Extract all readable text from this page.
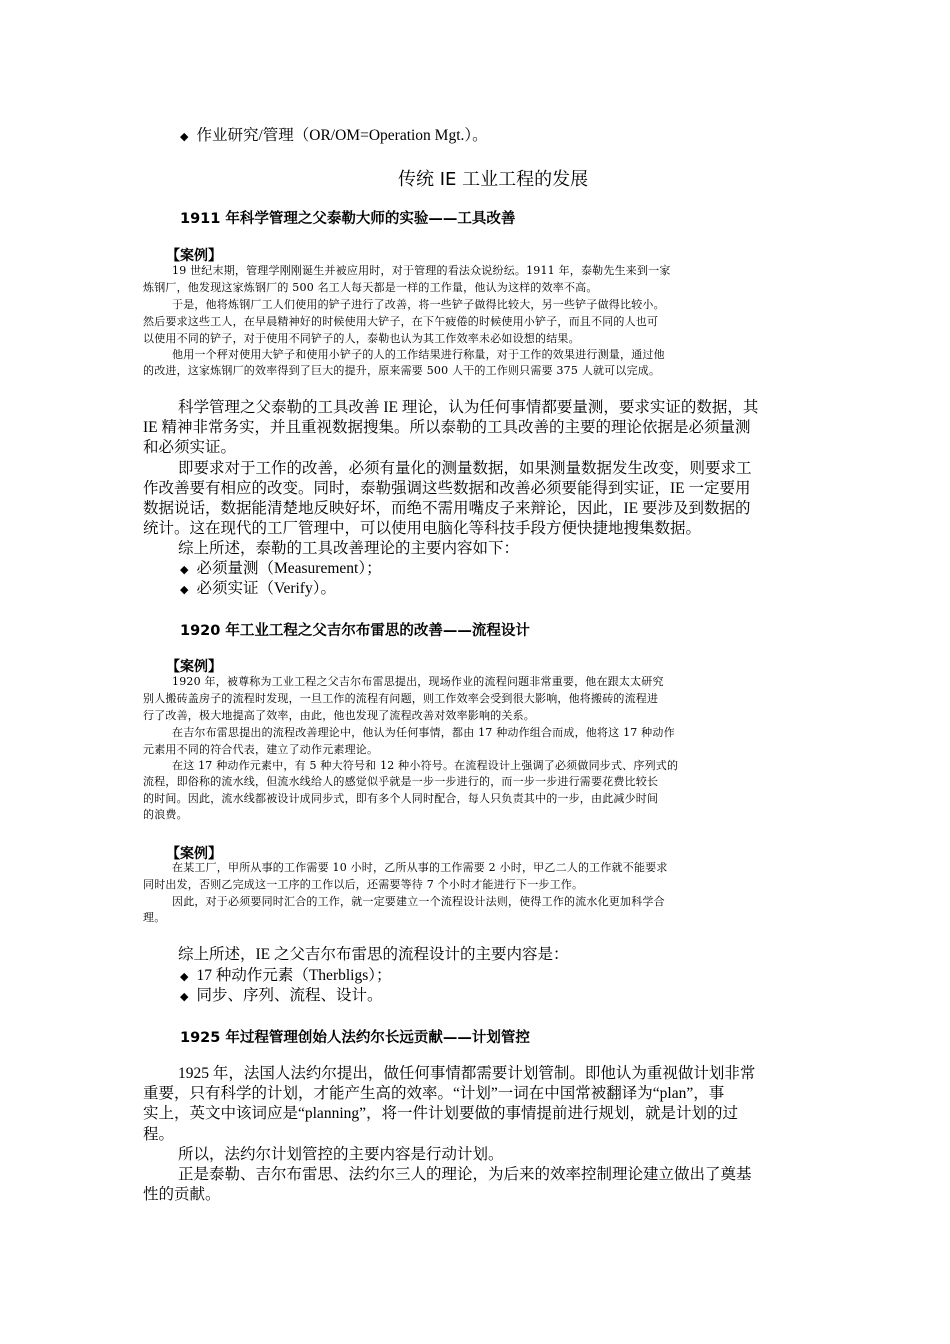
◆ 作业研究/管理（OR/OM=Operation Mgt.）。
传统 IE 工业工程的发展
1911 年科学管理之父泰勒大师的实验——工具改善
【案例】
19 世纪末期，管理学刚刚诞生并被应用时，对于管理的看法众说纷纭。1911 年，泰勒先生来到一家
炼钢厂，他发现这家炼钢厂的 500 名工人每天都是一样的工作量，他认为这样的效率不高。
于是，他将炼钢厂工人们使用的铲子进行了改善，将一些铲子做得比较大，另一些铲子做得比较小。
然后要求这些工人，在早晨精神好的时候使用大铲子，在下午疲倦的时候使用小铲子，而且不同的人也可
以使用不同的铲子，对于使用不同铲子的人，泰勒也认为其工作效率未必如设想的结果。
他用一个秤对使用大铲子和使用小铲子的人的工作结果进行称量，对于工作的效果进行测量，通过他
的改进，这家炼钢厂的效率得到了巨大的提升，原来需要 500 人干的工作则只需要 375 人就可以完成。
科学管理之父泰勒的工具改善 IE 理论，认为任何事情都要量测，要求实证的数据，其
IE 精神非常务实，并且重视数据搜集。所以泰勒的工具改善的主要的理论依据是必须量测
和必须实证。
即要求对于工作的改善，必须有量化的测量数据，如果测量数据发生改变，则要求工
作改善要有相应的改变。同时，泰勒强调这些数据和改善必须要能得到实证，IE 一定要用
数据说话，数据能清楚地反映好坏，而绝不需用嘴皮子来辩论，因此，IE 要涉及到数据的
统计。这在现代的工厂管理中，可以使用电脑化等科技手段方便快捷地搜集数据。
综上所述，泰勒的工具改善理论的主要内容如下：
◆ 必须量测（Measurement）；
◆ 必须实证（Verify）。
1920 年工业工程之父吉尔布雷思的改善——流程设计
【案例】
1920 年，被尊称为工业工程之父吉尔布雷思提出，现场作业的流程问题非常重要，他在跟太太研究
别人搬砖盖房子的流程时发现，一旦工作的流程有问题，则工作效率会受到很大影响，他将搬砖的流程进
行了改善，极大地提高了效率，由此，他也发现了流程改善对效率影响的关系。
在吉尔布雷思提出的流程改善理论中，他认为任何事情，都由 17 种动作组合而成，他将这 17 种动作
元素用不同的符合代表，建立了动作元素理论。
在这 17 种动作元素中，有 5 种大符号和 12 种小符号。在流程设计上强调了必须做同步式、序列式的
流程，即俗称的流水线，但流水线给人的感觉似乎就是一步一步进行的，而一步一步进行需要花费比较长
的时间。因此，流水线都被设计成同步式，即有多个人同时配合，每人只负责其中的一步，由此减少时间
的浪费。
【案例】
在某工厂，甲所从事的工作需要 10 小时，乙所从事的工作需要 2 小时，甲乙二人的工作就不能要求
同时出发，否则乙完成这一工序的工作以后，还需要等待 7 个小时才能进行下一步工作。
因此，对于必须要同时汇合的工作，就一定要建立一个流程设计法则，使得工作的流水化更加科学合
理。
综上所述，IE 之父吉尔布雷思的流程设计的主要内容是：
◆ 17 种动作元素（Therbligs）；
◆ 同步、序列、流程、设计。
1925 年过程管理创始人法约尔长远贡献——计划管控
1925 年，法国人法约尔提出，做任何事情都需要计划管制。即他认为重视做计划非常
重要，只有科学的计划，才能产生高的效率。“计划”一词在中国常被翻译为“plan”，事
实上，英文中该词应是“planning”，将一件计划要做的事情提前进行规划，就是计划的过
程。
所以，法约尔计划管控的主要内容是行动计划。
正是泰勒、吉尔布雷思、法约尔三人的理论，为后来的效率控制理论建立做出了奠基
性的贡献。
